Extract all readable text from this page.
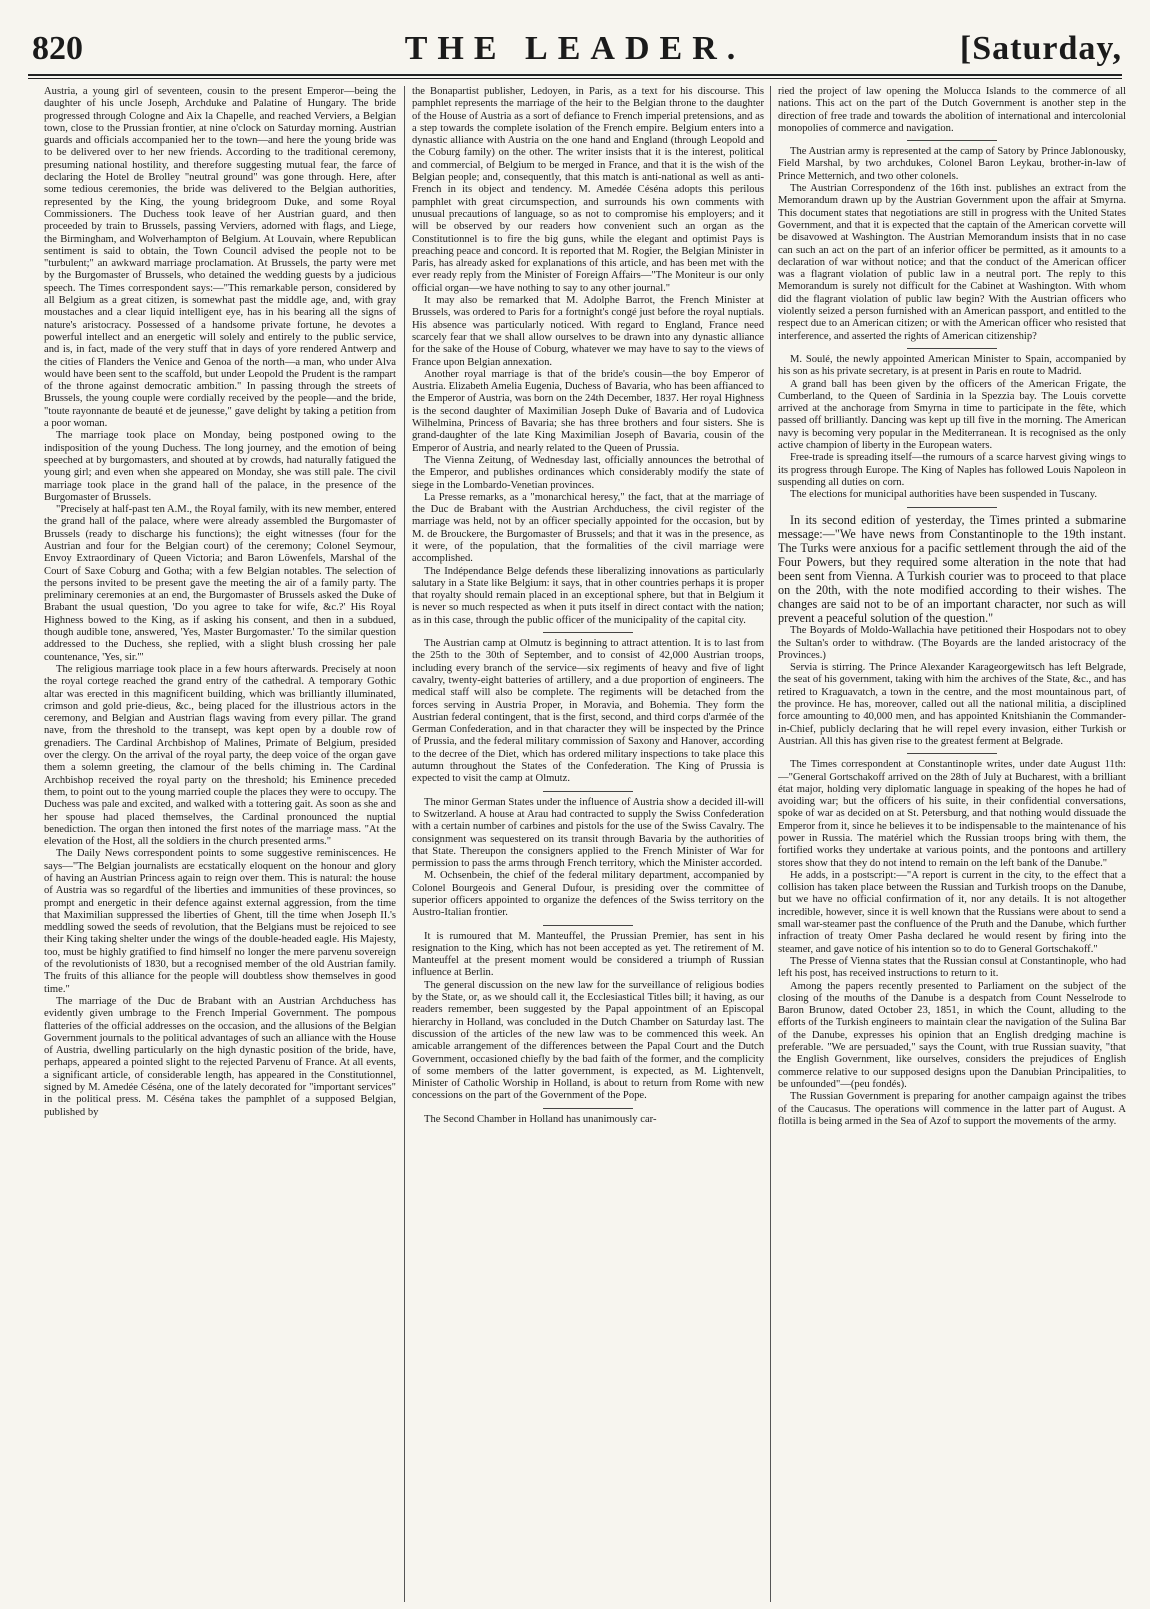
820	THE LEADER.	[Saturday,

Austria, a young girl of seventeen, cousin to the present Emperor—being the daughter of his uncle Joseph, Archduke and Palatine of Hungary. The bride progressed through Cologne and Aix la Chapelle, and reached Verviers, a Belgian town, close to the Prussian frontier, at nine o'clock on Saturday morning. Austrian guards and officials accompanied her to the town—and here the young bride was to be delivered over to her new friends. According to the traditional ceremony, presuming national hostility, and therefore suggesting mutual fear, the farce of declaring the Hotel de Brolley "neutral ground" was gone through. Here, after some tedious ceremonies, the bride was delivered to the Belgian authorities, represented by the King, the young bridegroom Duke, and some Royal Commissioners. The Duchess took leave of her Austrian guard, and then proceeded by train to Brussels, passing Verviers, adorned with flags, and Liege, the Birmingham, and Wolverhampton of Belgium. At Louvain, where Republican sentiment is said to obtain, the Town Council advised the people not to be "turbulent;" an awkward marriage proclamation. At Brussels, the party were met by the Burgomaster of Brussels, who detained the wedding guests by a judicious speech. The Times correspondent says:—"This remarkable person, considered by all Belgium as a great citizen, is somewhat past the middle age, and, with gray moustaches and a clear liquid intelligent eye, has in his bearing all the signs of nature's aristocracy. Possessed of a handsome private fortune, he devotes a powerful intellect and an energetic will solely and entirely to the public service, and is, in fact, made of the very stuff that in days of yore rendered Antwerp and the cities of Flanders the Venice and Genoa of the north—a man, who under Alva would have been sent to the scaffold, but under Leopold the Prudent is the rampart of the throne against democratic ambition." In passing through the streets of Brussels, the young couple were cordially received by the people—and the bride, "toute rayonnante de beauté et de jeunesse," gave delight by taking a petition from a poor woman.

The marriage took place on Monday, being postponed owing to the indisposition of the young Duchess. The long journey, and the emotion of being speeched at by burgomasters, and shouted at by crowds, had naturally fatigued the young girl; and even when she appeared on Monday, she was still pale. The civil marriage took place in the grand hall of the palace, in the presence of the Burgomaster of Brussels.

"Precisely at half-past ten A.M., the Royal family, with its new member, entered the grand hall of the palace, where were already assembled the Burgomaster of Brussels (ready to discharge his functions); the eight witnesses (four for the Austrian and four for the Belgian court) of the ceremony; Colonel Seymour, Envoy Extraordinary of Queen Victoria; and Baron Löwenfels, Marshal of the Court of Saxe Coburg and Gotha; with a few Belgian notables. The selection of the persons invited to be present gave the meeting the air of a family party. The preliminary ceremonies at an end, the Burgomaster of Brussels asked the Duke of Brabant the usual question, 'Do you agree to take for wife, &c.?' His Royal Highness bowed to the King, as if asking his consent, and then in a subdued, though audible tone, answered, 'Yes, Master Burgomaster.' To the similar question addressed to the Duchess, she replied, with a slight blush crossing her pale countenance, 'Yes, sir.'"

The religious marriage took place in a few hours afterwards. Precisely at noon the royal cortege reached the grand entry of the cathedral. A temporary Gothic altar was erected in this magnificent building, which was brilliantly illuminated, crimson and gold prie-dieus, &c., being placed for the illustrious actors in the ceremony, and Belgian and Austrian flags waving from every pillar. The grand nave, from the threshold to the transept, was kept open by a double row of grenadiers. The Cardinal Archbishop of Malines, Primate of Belgium, presided over the clergy. On the arrival of the royal party, the deep voice of the organ gave them a solemn greeting, the clamour of the bells chiming in. The Cardinal Archbishop received the royal party on the threshold; his Eminence preceded them, to point out to the young married couple the places they were to occupy. The Duchess was pale and excited, and walked with a tottering gait. As soon as she and her spouse had placed themselves, the Cardinal pronounced the nuptial benediction. The organ then intoned the first notes of the marriage mass. "At the elevation of the Host, all the soldiers in the church presented arms."

The Daily News correspondent points to some suggestive reminiscences. He says—"The Belgian journalists are ecstatically eloquent on the honour and glory of having an Austrian Princess again to reign over them. This is natural: the house of Austria was so regardful of the liberties and immunities of these provinces, so prompt and energetic in their defence against external aggression, from the time that Maximilian suppressed the liberties of Ghent, till the time when Joseph II.'s meddling sowed the seeds of revolution, that the Belgians must be rejoiced to see their King taking shelter under the wings of the double-headed eagle. His Majesty, too, must be highly gratified to find himself no longer the mere parvenu sovereign of the revolutionists of 1830, but a recognised member of the old Austrian family. The fruits of this alliance for the people will doubtless show themselves in good time."

The marriage of the Duc de Brabant with an Austrian Archduchess has evidently given umbrage to the French Imperial Government. The pompous flatteries of the official addresses on the occasion, and the allusions of the Belgian Government journals to the political advantages of such an alliance with the House of Austria, dwelling particularly on the high dynastic position of the bride, have, perhaps, appeared a pointed slight to the rejected Parvenu of France. At all events, a significant article, of considerable length, has appeared in the Constitutionnel, signed by M. Amedée Céséna, one of the lately decorated for "important services" in the political press. M. Céséna takes the pamphlet of a supposed Belgian, published by

the Bonapartist publisher, Ledoyen, in Paris, as a text for his discourse. This pamphlet represents the marriage of the heir to the Belgian throne to the daughter of the House of Austria as a sort of defiance to French imperial pretensions, and as a step towards the complete isolation of the French empire. Belgium enters into a dynastic alliance with Austria on the one hand and England (through Leopold and the Coburg family) on the other. The writer insists that it is the interest, political and commercial, of Belgium to be merged in France, and that it is the wish of the Belgian people; and, consequently, that this match is anti-national as well as anti-French in its object and tendency. M. Amedée Céséna adopts this perilous pamphlet with great circumspection, and surrounds his own comments with unusual precautions of language, so as not to compromise his employers; and it will be observed by our readers how convenient such an organ as the Constitutionnel is to fire the big guns, while the elegant and optimist Pays is preaching peace and concord. It is reported that M. Rogier, the Belgian Minister in Paris, has already asked for explanations of this article, and has been met with the ever ready reply from the Minister of Foreign Affairs—"The Moniteur is our only official organ—we have nothing to say to any other journal."

It may also be remarked that M. Adolphe Barrot, the French Minister at Brussels, was ordered to Paris for a fortnight's congé just before the royal nuptials. His absence was particularly noticed. With regard to England, France need scarcely fear that we shall allow ourselves to be drawn into any dynastic alliance for the sake of the House of Coburg, whatever we may have to say to the views of France upon Belgian annexation.

Another royal marriage is that of the bride's cousin—the boy Emperor of Austria. Elizabeth Amelia Eugenia, Duchess of Bavaria, who has been affianced to the Emperor of Austria, was born on the 24th December, 1837. Her royal Highness is the second daughter of Maximilian Joseph Duke of Bavaria and of Ludovica Wilhelmina, Princess of Bavaria; she has three brothers and four sisters. She is grand-daughter of the late King Maximilian Joseph of Bavaria, cousin of the Emperor of Austria, and nearly related to the Queen of Prussia.

The Vienna Zeitung, of Wednesday last, officially announces the betrothal of the Emperor, and publishes ordinances which considerably modify the state of siege in the Lombardo-Venetian provinces.

La Presse remarks, as a "monarchical heresy," the fact, that at the marriage of the Duc de Brabant with the Austrian Archduchess, the civil register of the marriage was held, not by an officer specially appointed for the occasion, but by M. de Brouckere, the Burgomaster of Brussels; and that it was in the presence, as it were, of the population, that the formalities of the civil marriage were accomplished.

The Indépendance Belge defends these liberalizing innovations as particularly salutary in a State like Belgium: it says, that in other countries perhaps it is proper that royalty should remain placed in an exceptional sphere, but that in Belgium it is never so much respected as when it puts itself in direct contact with the nation; as in this case, through the public officer of the municipality of the capital city.

The Austrian camp at Olmutz is beginning to attract attention. It is to last from the 25th to the 30th of September, and to consist of 42,000 Austrian troops, including every branch of the service—six regiments of heavy and five of light cavalry, twenty-eight batteries of artillery, and a due proportion of engineers. The medical staff will also be complete. The regiments will be detached from the forces serving in Austria Proper, in Moravia, and Bohemia. They form the Austrian federal contingent, that is the first, second, and third corps d'armée of the German Confederation, and in that character they will be inspected by the Prince of Prussia, and the federal military commission of Saxony and Hanover, according to the decree of the Diet, which has ordered military inspections to take place this autumn throughout the States of the Confederation. The King of Prussia is expected to visit the camp at Olmutz.

The minor German States under the influence of Austria show a decided ill-will to Switzerland. A house at Arau had contracted to supply the Swiss Confederation with a certain number of carbines and pistols for the use of the Swiss Cavalry. The consignment was sequestered on its transit through Bavaria by the authorities of that State. Thereupon the consigners applied to the French Minister of War for permission to pass the arms through French territory, which the Minister accorded.

M. Ochsenbein, the chief of the federal military department, accompanied by Colonel Bourgeois and General Dufour, is presiding over the committee of superior officers appointed to organize the defences of the Swiss territory on the Austro-Italian frontier.

It is rumoured that M. Manteuffel, the Prussian Premier, has sent in his resignation to the King, which has not been accepted as yet. The retirement of M. Manteuffel at the present moment would be considered a triumph of Russian influence at Berlin.

The general discussion on the new law for the surveillance of religious bodies by the State, or, as we should call it, the Ecclesiastical Titles bill; it having, as our readers remember, been suggested by the Papal appointment of an Episcopal hierarchy in Holland, was concluded in the Dutch Chamber on Saturday last. The discussion of the articles of the new law was to be commenced this week. An amicable arrangement of the differences between the Papal Court and the Dutch Government, occasioned chiefly by the bad faith of the former, and the complicity of some members of the latter government, is expected, as M. Lightenvelt, Minister of Catholic Worship in Holland, is about to return from Rome with new concessions on the part of the Government of the Pope.

The Second Chamber in Holland has unanimously car-

ried the project of law opening the Molucca Islands to the commerce of all nations. This act on the part of the Dutch Government is another step in the direction of free trade and towards the abolition of international and intercolonial monopolies of commerce and navigation.

The Austrian army is represented at the camp of Satory by Prince Jablonousky, Field Marshal, by two archdukes, Colonel Baron Leykau, brother-in-law of Prince Metternich, and two other colonels.

The Austrian Correspondenz of the 16th inst. publishes an extract from the Memorandum drawn up by the Austrian Government upon the affair at Smyrna. This document states that negotiations are still in progress with the United States Government, and that it is expected that the captain of the American corvette will be disavowed at Washington. The Austrian Memorandum insists that in no case can such an act on the part of an inferior officer be permitted, as it amounts to a declaration of war without notice; and that the conduct of the American officer was a flagrant violation of public law in a neutral port. The reply to this Memorandum is surely not difficult for the Cabinet at Washington. With whom did the flagrant violation of public law begin? With the Austrian officers who violently seized a person furnished with an American passport, and entitled to the respect due to an American citizen; or with the American officer who resisted that interference, and asserted the rights of American citizenship?

M. Soulé, the newly appointed American Minister to Spain, accompanied by his son as his private secretary, is at present in Paris en route to Madrid.

A grand ball has been given by the officers of the American Frigate, the Cumberland, to the Queen of Sardinia in la Spezzia bay. The Louis corvette arrived at the anchorage from Smyrna in time to participate in the fête, which passed off brilliantly. Dancing was kept up till five in the morning. The American navy is becoming very popular in the Mediterranean. It is recognised as the only active champion of liberty in the European waters.

Free-trade is spreading itself—the rumours of a scarce harvest giving wings to its progress through Europe. The King of Naples has followed Louis Napoleon in suspending all duties on corn.

The elections for municipal authorities have been suspended in Tuscany.

In its second edition of yesterday, the Times printed a submarine message:—"We have news from Constantinople to the 19th instant. The Turks were anxious for a pacific settlement through the aid of the Four Powers, but they required some alteration in the note that had been sent from Vienna. A Turkish courier was to proceed to that place on the 20th, with the note modified according to their wishes. The changes are said not to be of an important character, nor such as will prevent a peaceful solution of the question."

The Boyards of Moldo-Wallachia have petitioned their Hospodars not to obey the Sultan's order to withdraw. (The Boyards are the landed aristocracy of the Provinces.)

Servia is stirring. The Prince Alexander Karageorgewitsch has left Belgrade, the seat of his government, taking with him the archives of the State, &c., and has retired to Kraguavatch, a town in the centre, and the most mountainous part, of the province. He has, moreover, called out all the national militia, a disciplined force amounting to 40,000 men, and has appointed Knitshianin the Commander-in-Chief, publicly declaring that he will repel every invasion, either Turkish or Austrian. All this has given rise to the greatest ferment at Belgrade.

The Times correspondent at Constantinople writes, under date August 11th:—"General Gortschakoff arrived on the 28th of July at Bucharest, with a brilliant état major, holding very diplomatic language in speaking of the hopes he had of avoiding war; but the officers of his suite, in their confidential conversations, spoke of war as decided on at St. Petersburg, and that nothing would dissuade the Emperor from it, since he believes it to be indispensable to the maintenance of his power in Russia. The matériel which the Russian troops bring with them, the fortified works they undertake at various points, and the pontoons and artillery stores show that they do not intend to remain on the left bank of the Danube."

He adds, in a postscript:—"A report is current in the city, to the effect that a collision has taken place between the Russian and Turkish troops on the Danube, but we have no official confirmation of it, nor any details. It is not altogether incredible, however, since it is well known that the Russians were about to send a small war-steamer past the confluence of the Pruth and the Danube, which further infraction of treaty Omer Pasha declared he would resent by firing into the steamer, and gave notice of his intention so to do to General Gortschakoff."

The Presse of Vienna states that the Russian consul at Constantinople, who had left his post, has received instructions to return to it.

Among the papers recently presented to Parliament on the subject of the closing of the mouths of the Danube is a despatch from Count Nesselrode to Baron Brunow, dated October 23, 1851, in which the Count, alluding to the efforts of the Turkish engineers to maintain clear the navigation of the Sulina Bar of the Danube, expresses his opinion that an English dredging machine is preferable. "We are persuaded," says the Count, with true Russian suavity, "that the English Government, like ourselves, considers the prejudices of English commerce relative to our supposed designs upon the Danubian Principalities, to be unfounded"—(peu fondés).

The Russian Government is preparing for another campaign against the tribes of the Caucasus. The operations will commence in the latter part of August. A flotilla is being armed in the Sea of Azof to support the movements of the army.
